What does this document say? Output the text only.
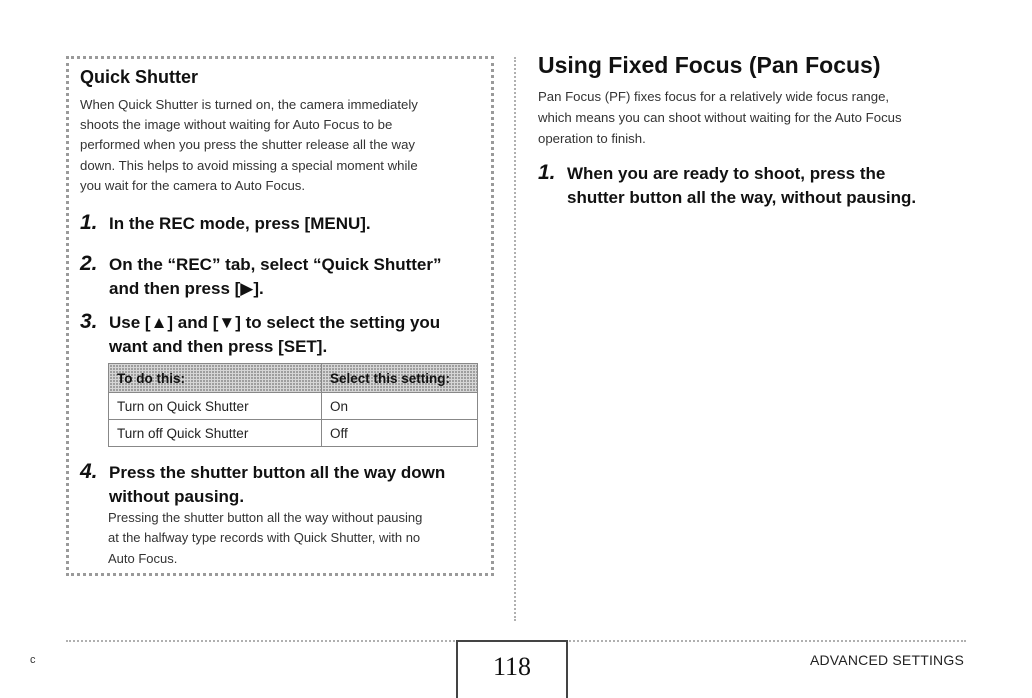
Quick Shutter
When Quick Shutter is turned on, the camera immediately
shoots the image without waiting for Auto Focus to be
performed when you press the shutter release all the way
down. This helps to avoid missing a special moment while
you wait for the camera to Auto Focus.
1. In the REC mode, press [MENU].
2. On the “REC” tab, select “Quick Shutter”
and then press [▶].
3. Use [▲] and [▼] to select the setting you
want and then press [SET].
To do this:	Select this setting:
Turn on Quick Shutter	On
Turn off Quick Shutter	Off
4. Press the shutter button all the way down
without pausing.
Pressing the shutter button all the way without pausing
at the halfway type records with Quick Shutter, with no
Auto Focus.
Using Fixed Focus (Pan Focus)
Pan Focus (PF) fixes focus for a relatively wide focus range,
which means you can shoot without waiting for the Auto Focus
operation to finish.
1. When you are ready to shoot, press the
shutter button all the way, without pausing.
c	118	ADVANCED SETTINGS
